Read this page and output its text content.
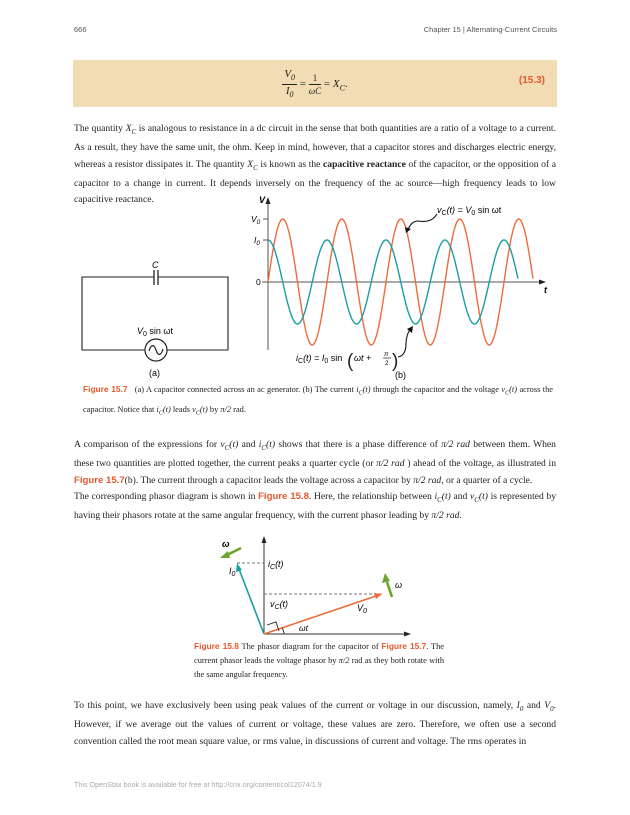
666	Chapter 15 | Alternating-Current Circuits
$\frac{V_0}{I_0} = \frac{1}{\omega C} = X_C$.	(15.3)

The quantity $X_C$ is analogous to resistance in a dc circuit in the sense that both quantities are a ratio of a voltage to a current. As a result, they have the same unit, the ohm. Keep in mind, however, that a capacitor stores and discharges electric energy, whereas a resistor dissipates it. The quantity $X_C$ is known as the capacitive reactance of the capacitor, or the opposition of a capacitor to a change in current. It depends inversely on the frequency of the ac source—high frequency leads to low capacitive reactance.

C
$V_0$ sin ωt
(a)
V
t
$V_0$
$I_0$
0
$v_C(t) = V_0$ sin ωt
$i_C(t) = I_0$ sin ( ωt + π
2 )
(b)
ω
ω
$I_0$
$i_C(t)$
$v_C(t)$	$V_0$
ωt
Figure 15.7 (a) A capacitor connected across an ac generator. (b) The current $i_C(t)$ through the capacitor and the voltage $v_C(t)$ across the capacitor. Notice that $i_C(t)$ leads $v_C(t)$ by π/2 rad.

A comparison of the expressions for $v_C(t)$ and $i_C(t)$ shows that there is a phase difference of π/2 rad between them. When these two quantities are plotted together, the current peaks a quarter cycle (or π/2 rad ) ahead of the voltage, as illustrated in Figure 15.7(b). The current through a capacitor leads the voltage across a capacitor by π/2 rad, or a quarter of a cycle.

The corresponding phasor diagram is shown in Figure 15.8. Here, the relationship between $i_C(t)$ and $v_C(t)$ is represented by having their phasors rotate at the same angular frequency, with the current phasor leading by π/2 rad.

Figure 15.8 The phasor diagram for the capacitor of Figure 15.7. The current phasor leads the voltage phasor by π/2 rad as they both rotate with the same angular frequency.

To this point, we have exclusively been using peak values of the current or voltage in our discussion, namely, $I_0$ and $V_0$. However, if we average out the values of current or voltage, these values are zero. Therefore, we often use a second convention called the root mean square value, or rms value, in discussions of current and voltage. The rms operates in

This OpenStax book is available for free at http://cnx.org/content/col12074/1.9
